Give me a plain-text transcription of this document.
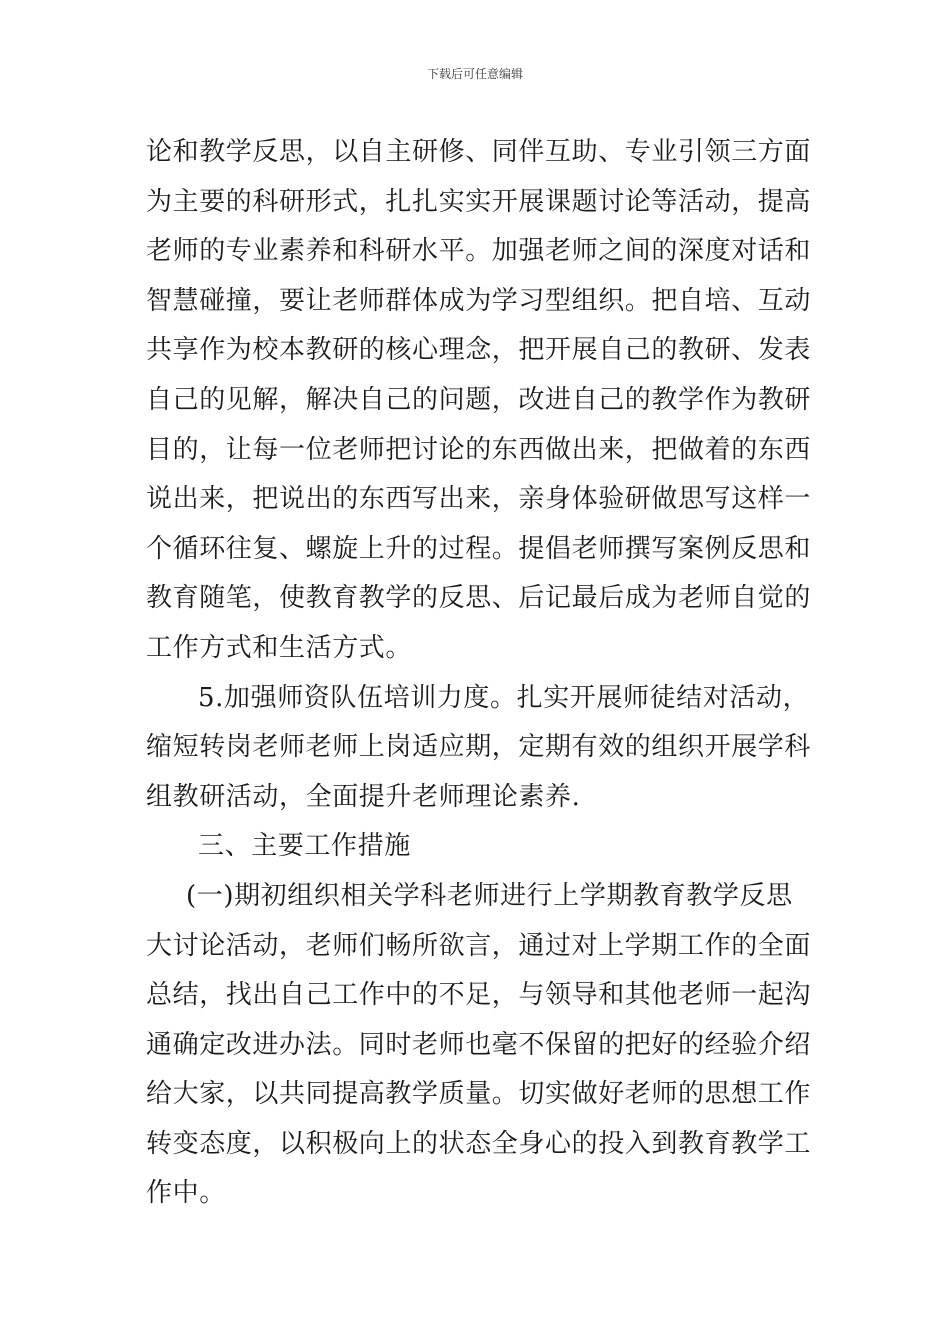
下载后可任意编辑
论和教学反思，以自主研修、同伴互助、专业引领三方面
为主要的科研形式，扎扎实实开展课题讨论等活动，提高
老师的专业素养和科研水平。加强老师之间的深度对话和
智慧碰撞，要让老师群体成为学习型组织。把自培、互动
共享作为校本教研的核心理念，把开展自己的教研、发表
自己的见解，解决自己的问题，改进自己的教学作为教研
目的，让每一位老师把讨论的东西做出来，把做着的东西
说出来，把说出的东西写出来，亲身体验研做思写这样一
个循环往复、螺旋上升的过程。提倡老师撰写案例反思和
教育随笔，使教育教学的反思、后记最后成为老师自觉的
工作方式和生活方式。
5.加强师资队伍培训力度。扎实开展师徒结对活动，
缩短转岗老师老师上岗适应期，定期有效的组织开展学科
组教研活动，全面提升老师理论素养.
三、主要工作措施
(一)期初组织相关学科老师进行上学期教育教学反思
大讨论活动，老师们畅所欲言，通过对上学期工作的全面
总结，找出自己工作中的不足，与领导和其他老师一起沟
通确定改进办法。同时老师也毫不保留的把好的经验介绍
给大家，以共同提高教学质量。切实做好老师的思想工作
转变态度，以积极向上的状态全身心的投入到教育教学工
作中。
